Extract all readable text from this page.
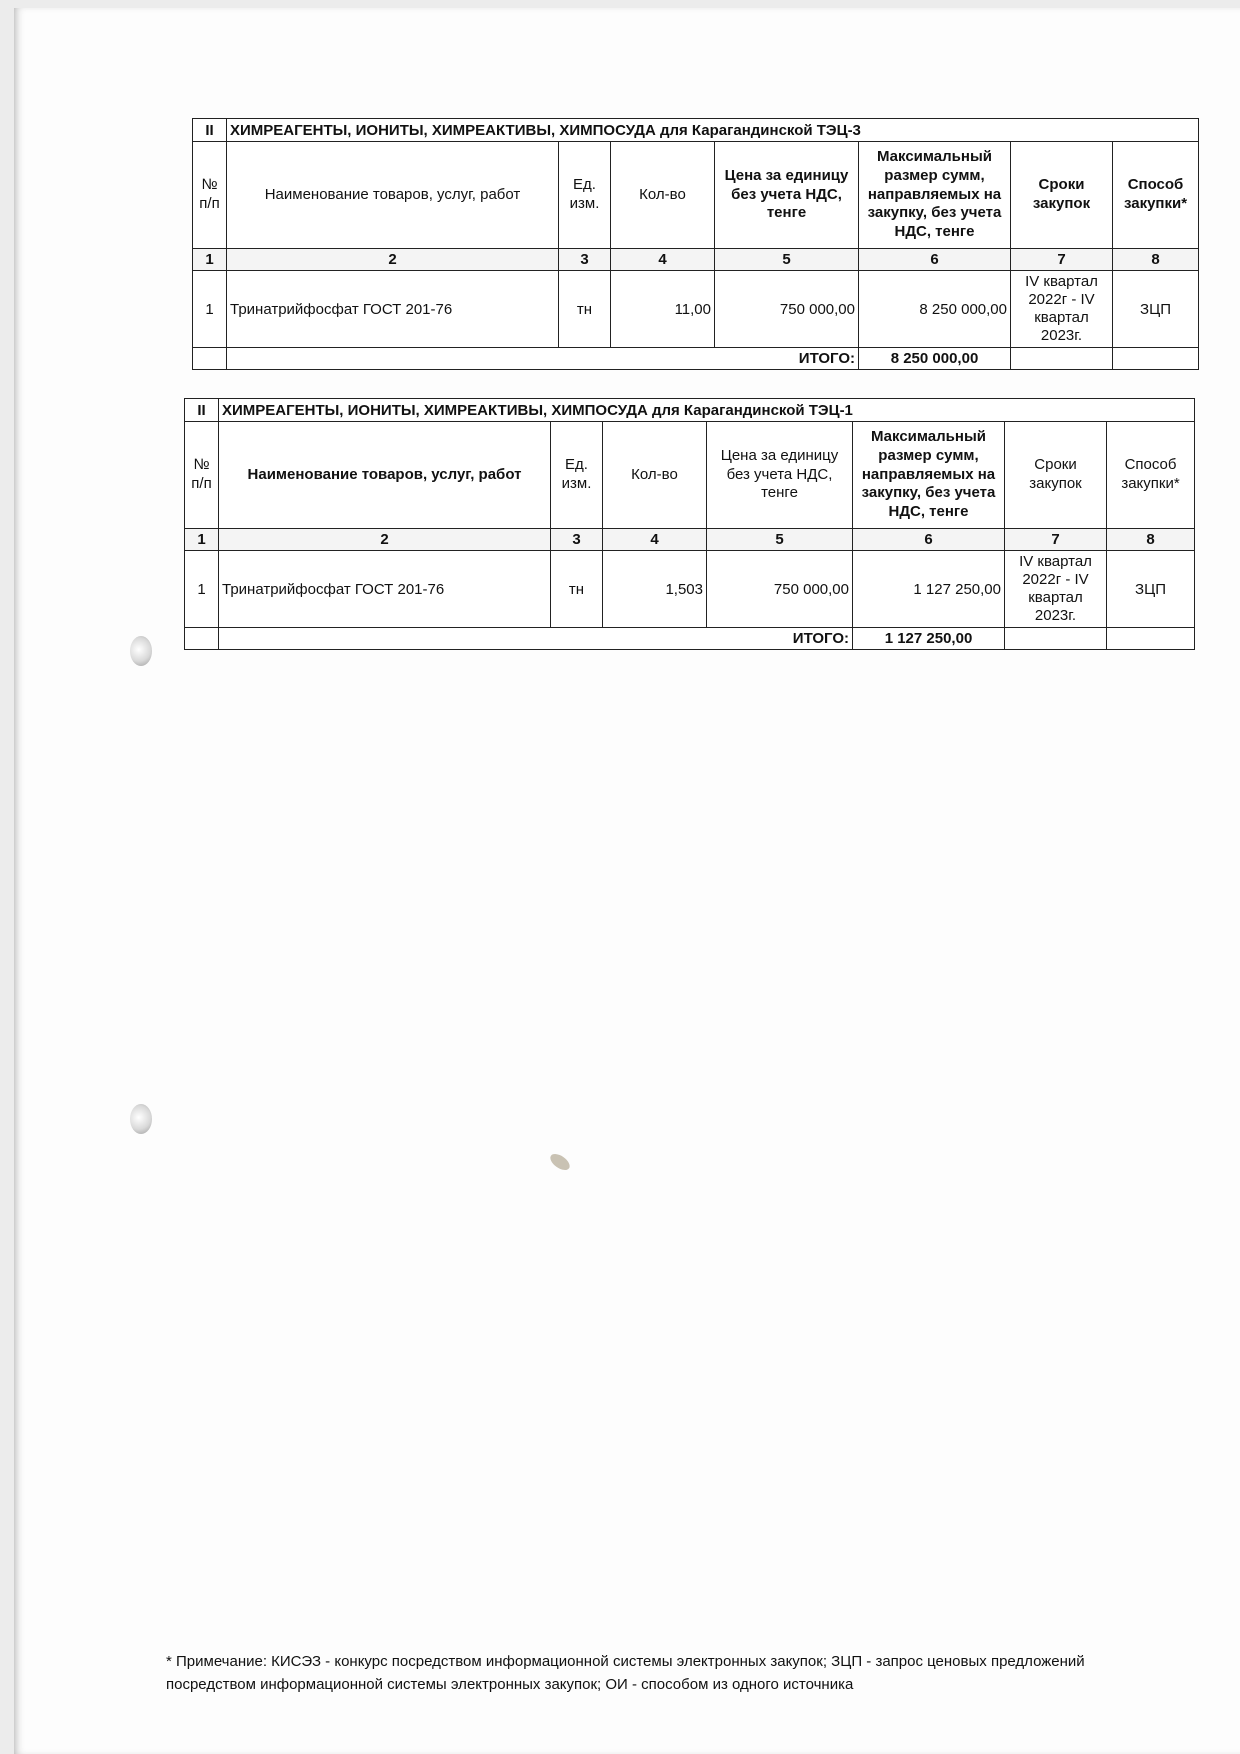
II	ХИМРЕАГЕНТЫ, ИОНИТЫ, ХИМРЕАКТИВЫ, ХИМПОСУДА для Карагандинской ТЭЦ-3						
№ п/п	Наименование товаров, услуг, работ	Ед. изм.	Кол-во	Цена за единицу без учета НДС, тенге	Максимальный размер сумм, направляемых на закупку, без учета НДС, тенге	Сроки закупок	Способ закупки*
1	2	3	4	5	6	7	8
1	Тринатрийфосфат ГОСТ 201-76	тн	11,00	750 000,00	8 250 000,00	IV квартал 2022г - IV квартал 2023г.	ЗЦП
	ИТОГО:				8 250 000,00		
II	ХИМРЕАГЕНТЫ, ИОНИТЫ, ХИМРЕАКТИВЫ, ХИМПОСУДА для Карагандинской ТЭЦ-1						
№ п/п	Наименование товаров, услуг, работ	Ед. изм.	Кол-во	Цена за единицу без учета НДС, тенге	Максимальный размер сумм, направляемых на закупку, без учета НДС, тенге	Сроки закупок	Способ закупки*
1	2	3	4	5	6	7	8
1	Тринатрийфосфат ГОСТ 201-76	тн	1,503	750 000,00	1 127 250,00	IV квартал 2022г - IV квартал 2023г.	ЗЦП
	ИТОГО:				1 127 250,00		
* Примечание: КИСЭЗ - конкурс посредством информационной системы электронных закупок; ЗЦП - запрос ценовых предложений посредством информационной системы электронных закупок; ОИ - способом из одного источника
